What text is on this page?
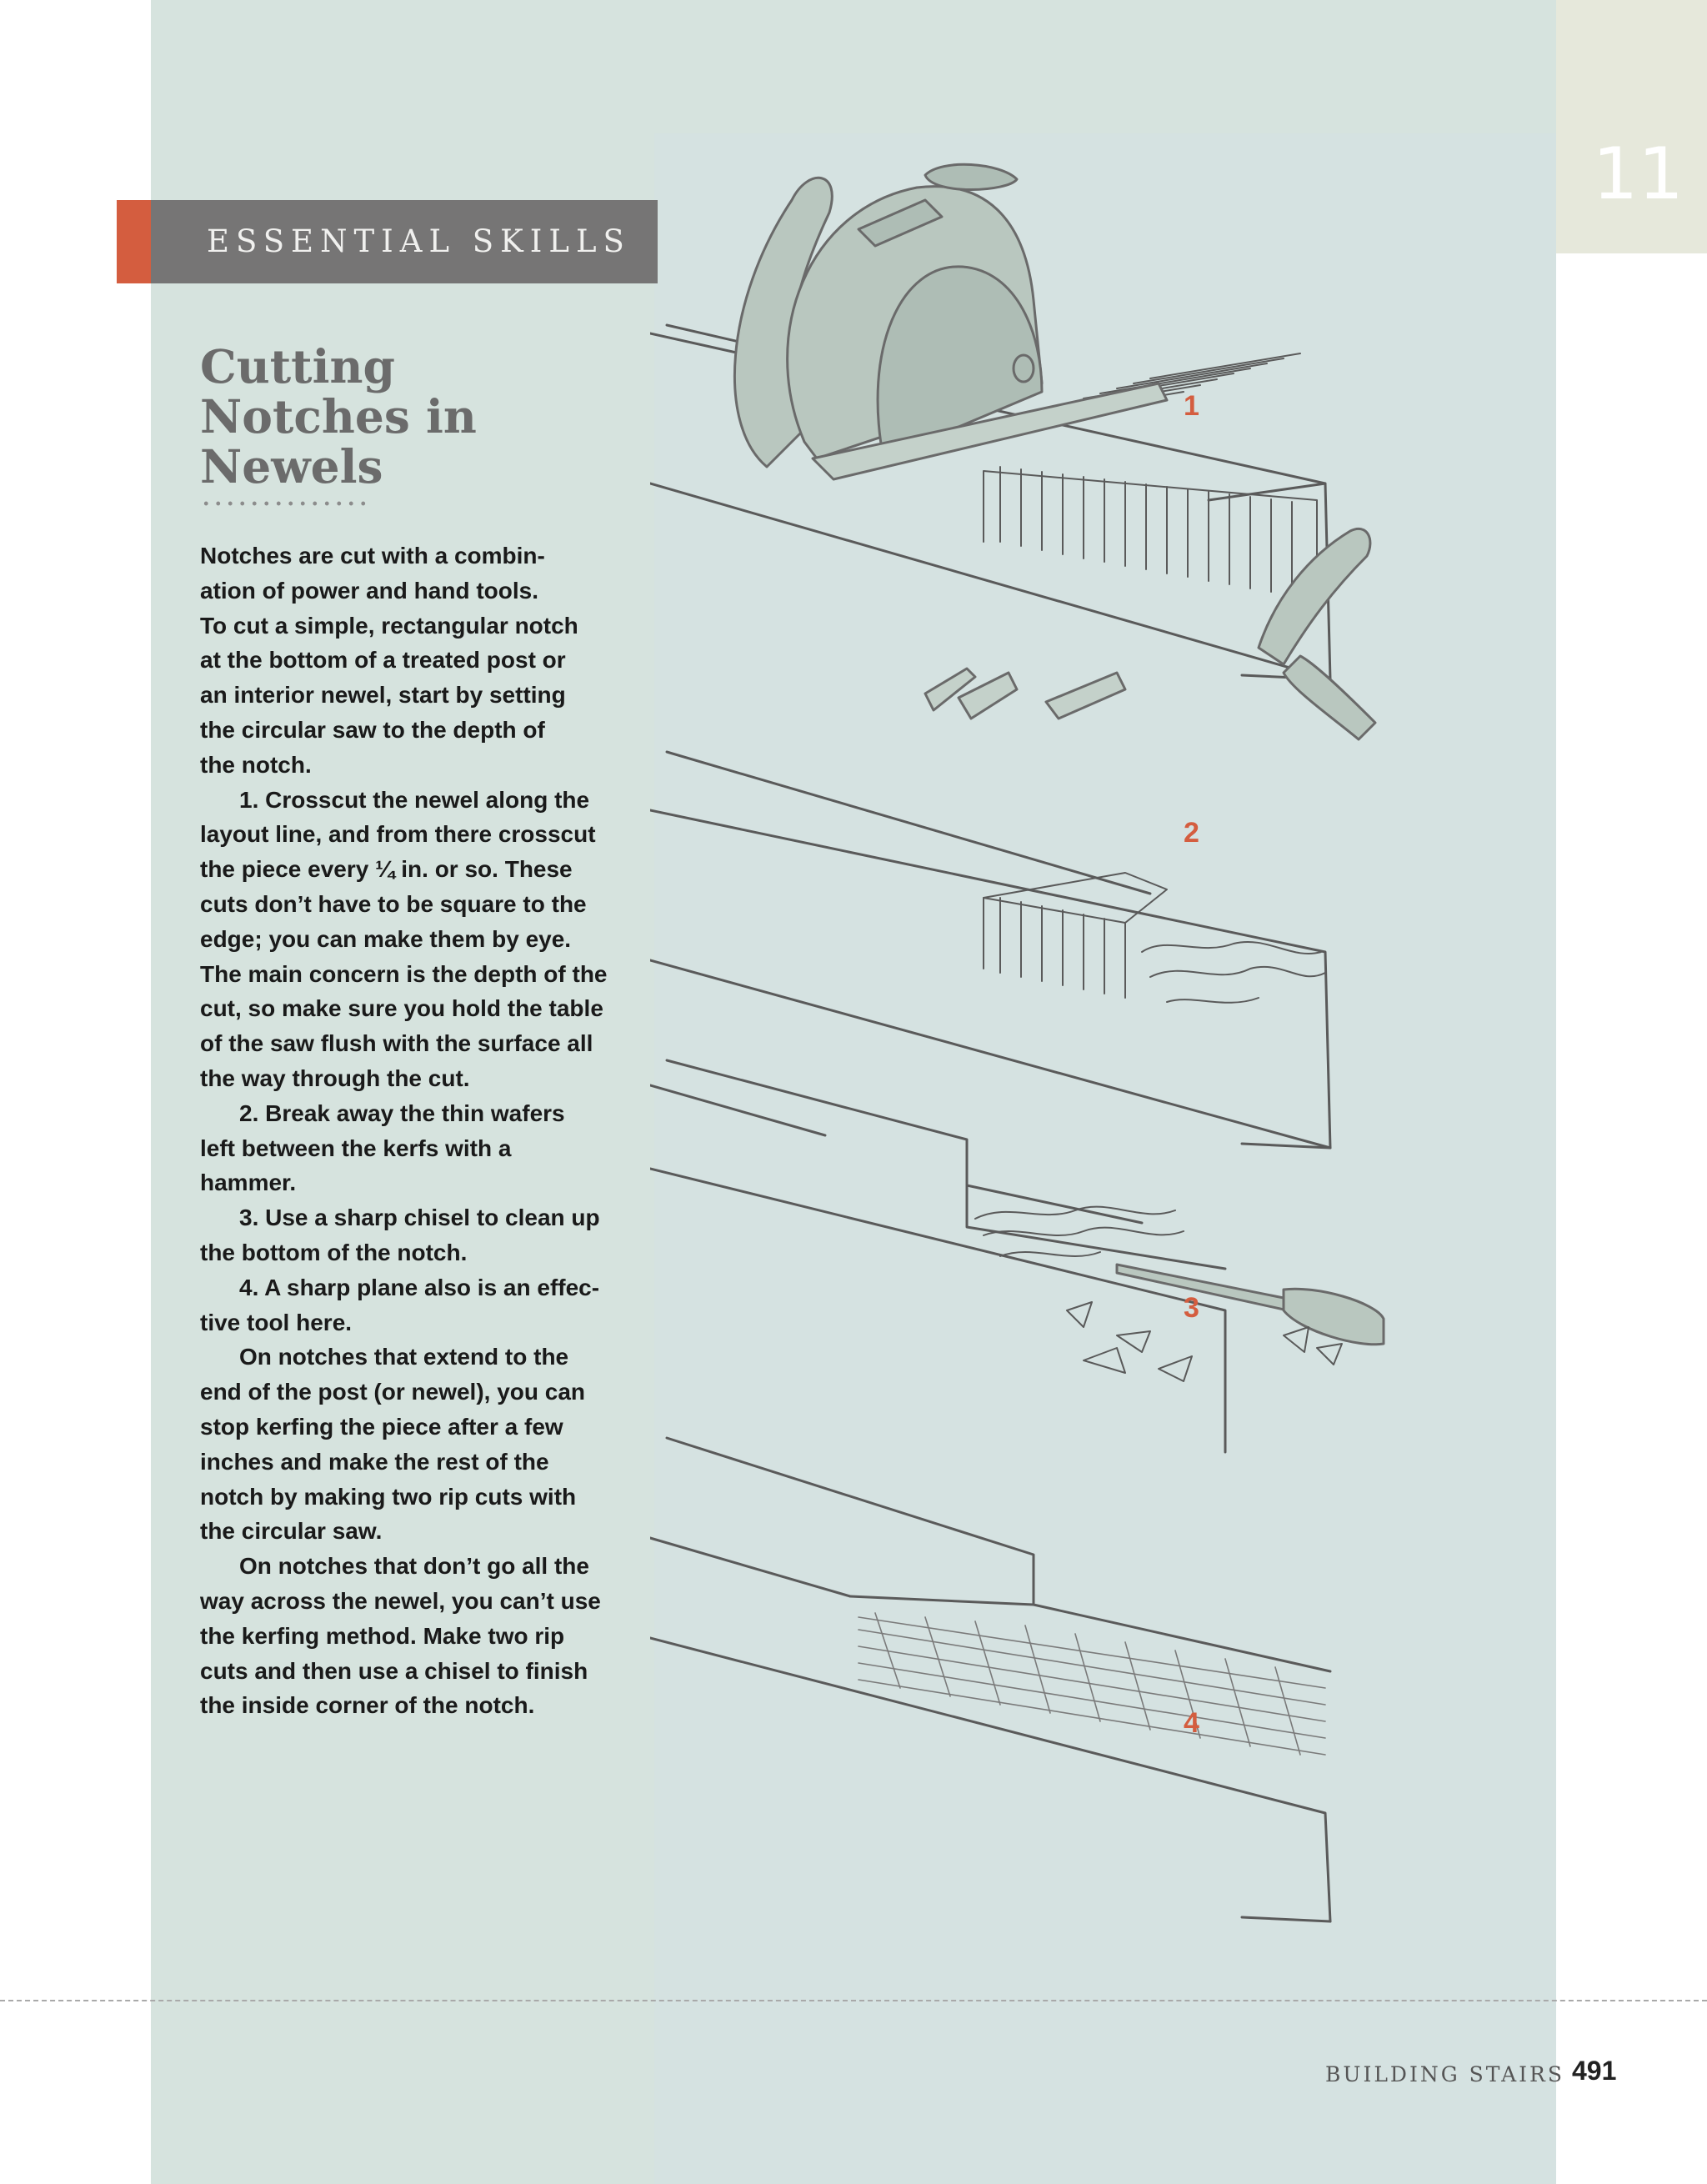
11
ESSENTIAL SKILLS
Cutting
Notches in
Newels
Notches are cut with a combin-
ation of power and hand tools.
To cut a simple, rectangular notch
at the bottom of a treated post or
an interior newel, start by setting
the circular saw to the depth of
the notch.
1. Crosscut the newel along the
layout line, and from there crosscut
the piece every ¼ in. or so. These
cuts don’t have to be square to the
edge; you can make them by eye.
The main concern is the depth of the
cut, so make sure you hold the table
of the saw flush with the surface all
the way through the cut.
2. Break away the thin wafers
left between the kerfs with a
hammer.
3. Use a sharp chisel to clean up
the bottom of the notch.
4. A sharp plane also is an effec-
tive tool here.
On notches that extend to the
end of the post (or newel), you can
stop kerfing the piece after a few
inches and make the rest of the
notch by making two rip cuts with
the circular saw.
On notches that don’t go all the
way across the newel, you can’t use
the kerfing method. Make two rip
cuts and then use a chisel to finish
the inside corner of the notch.
1
2
3
4
BUILDING STAIRS 491
